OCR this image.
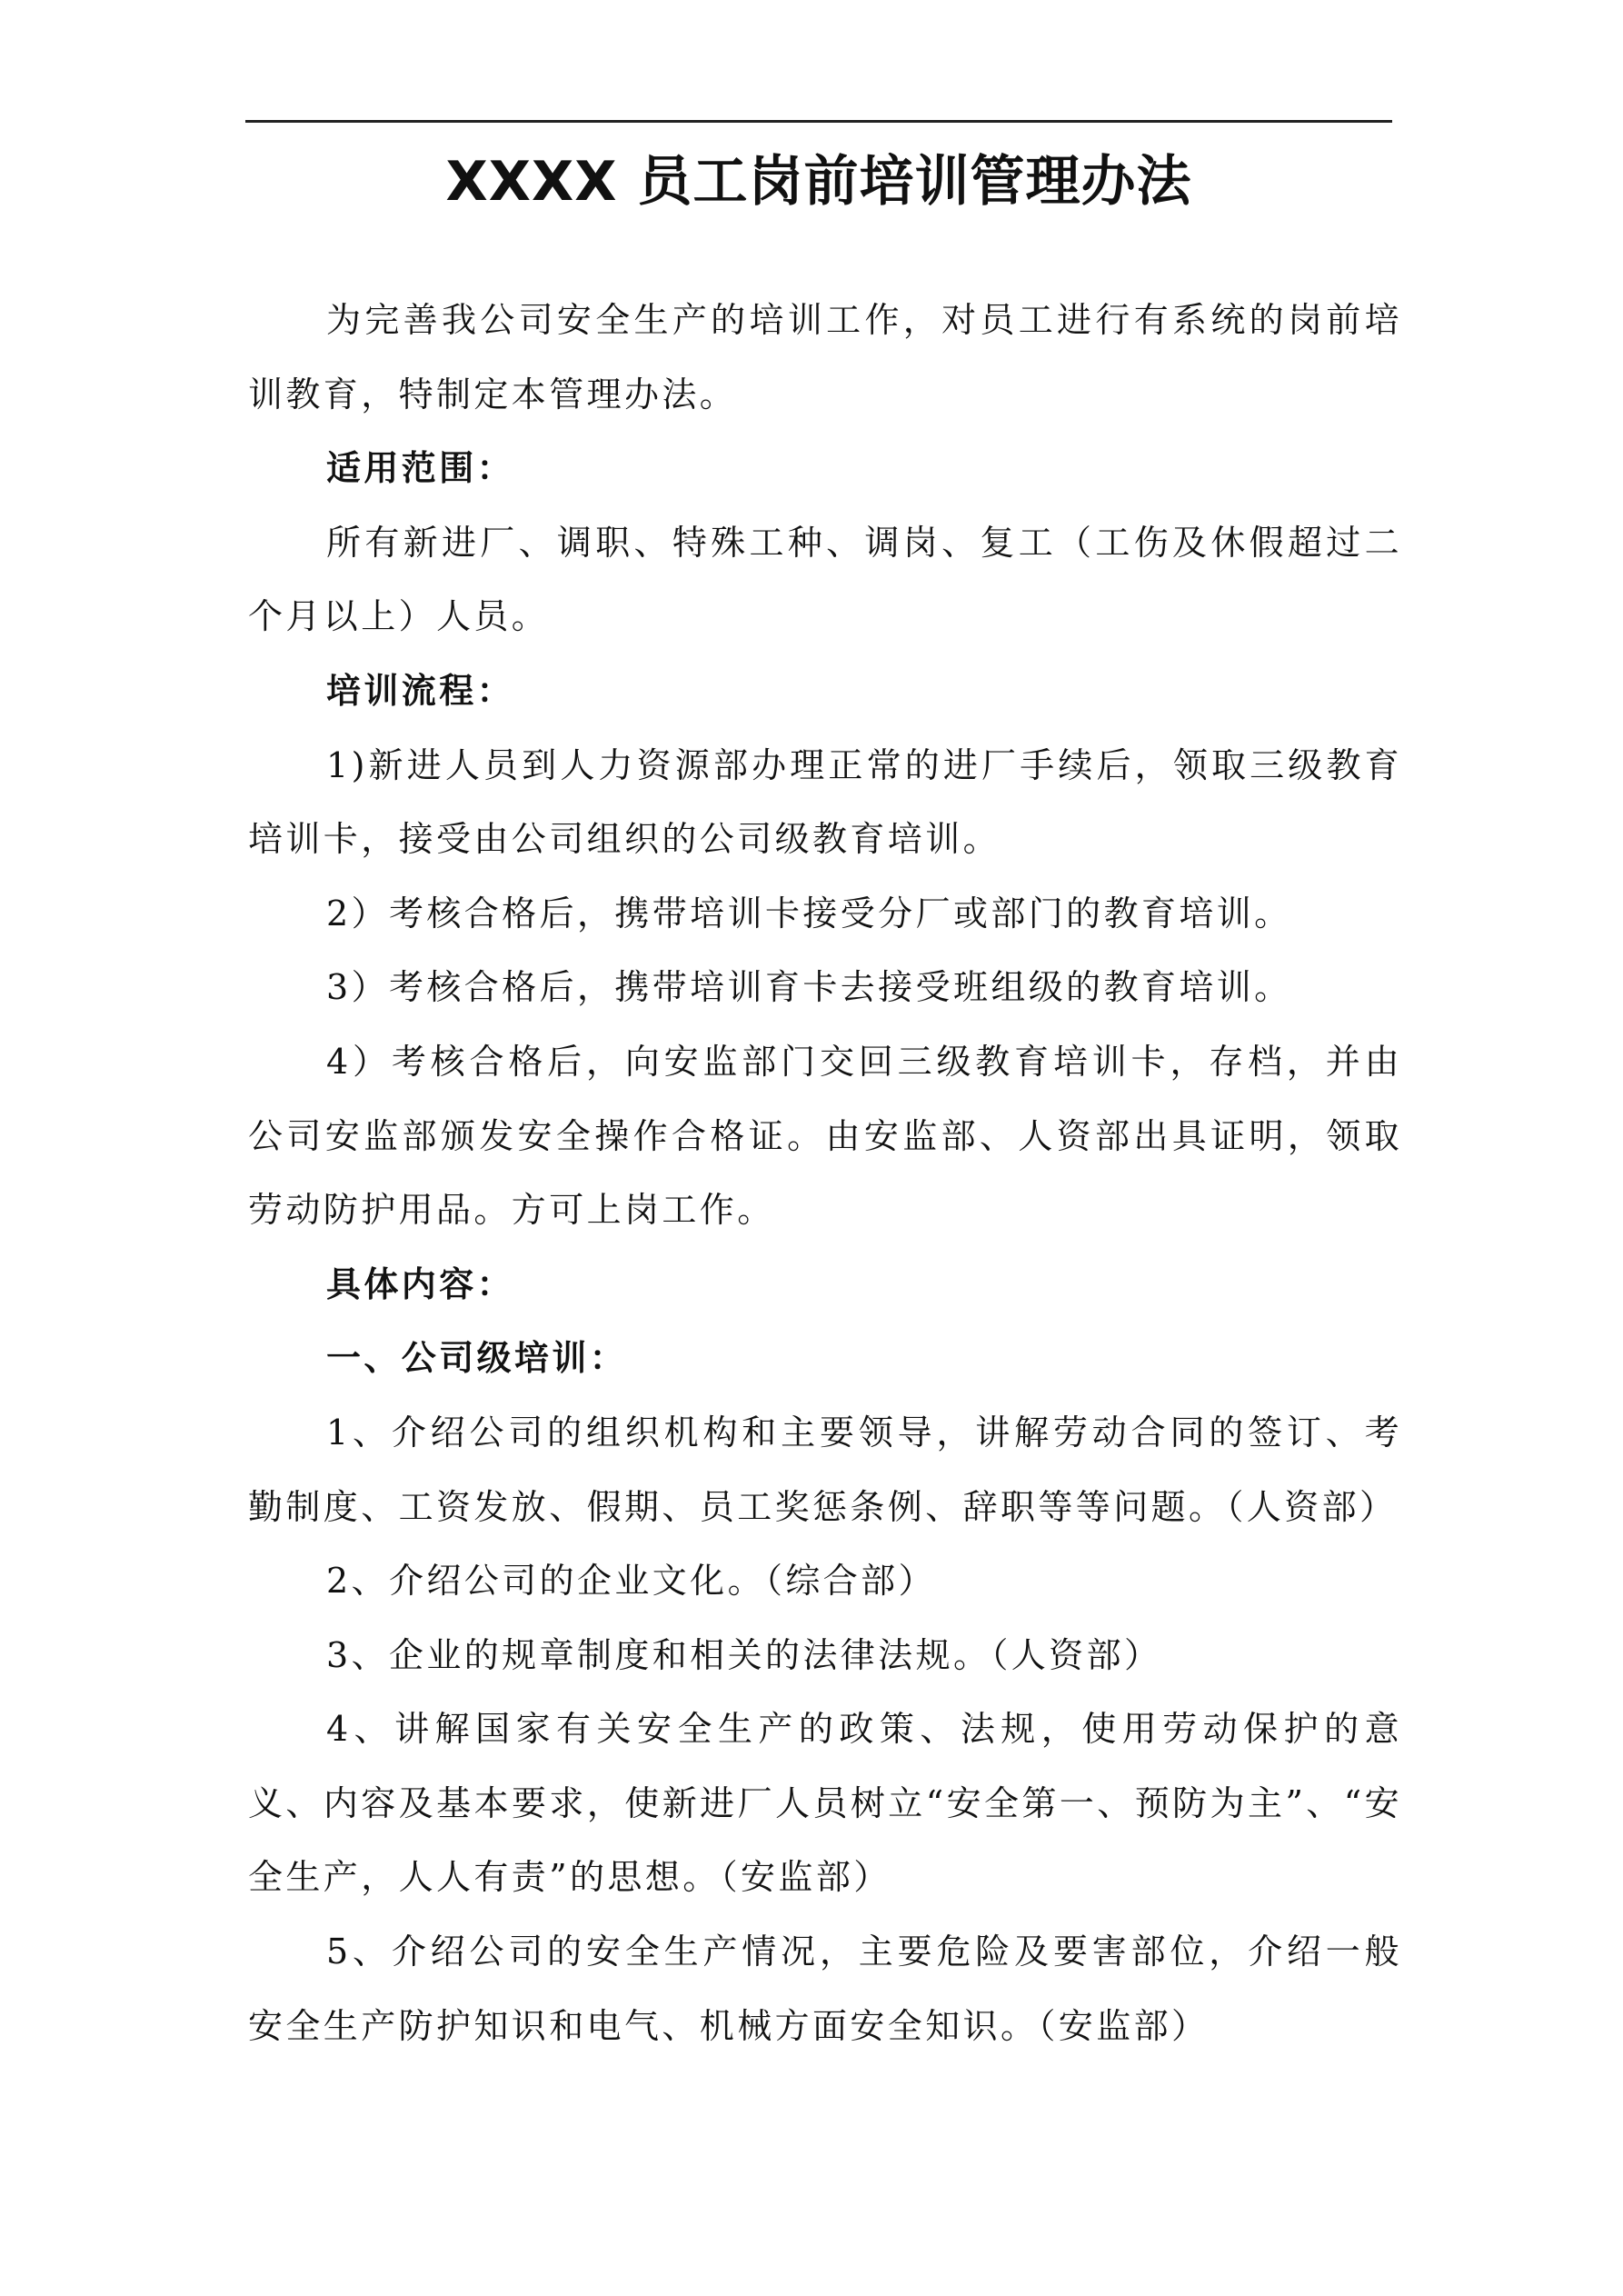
XXXX 员工岗前培训管理办法

为完善我公司安全生产的培训工作，对员工进行有系统的岗前培训教育，特制定本管理办法。

适用范围：

所有新进厂、调职、特殊工种、调岗、复工（工伤及休假超过二个月以上）人员。

培训流程：

1)新进人员到人力资源部办理正常的进厂手续后，领取三级教育培训卡，接受由公司组织的公司级教育培训。

2）考核合格后，携带培训卡接受分厂或部门的教育培训。

3）考核合格后，携带培训育卡去接受班组级的教育培训。

4）考核合格后，向安监部门交回三级教育培训卡，存档，并由公司安监部颁发安全操作合格证。由安监部、人资部出具证明，领取劳动防护用品。方可上岗工作。

具体内容：

一、公司级培训：

1、介绍公司的组织机构和主要领导，讲解劳动合同的签订、考勤制度、工资发放、假期、员工奖惩条例、辞职等等问题。（人资部）

2、介绍公司的企业文化。（综合部）

3、企业的规章制度和相关的法律法规。（人资部）

4、讲解国家有关安全生产的政策、法规，使用劳动保护的意义、内容及基本要求，使新进厂人员树立“安全第一、预防为主”、“安全生产，人人有责”的思想。（安监部）

5、介绍公司的安全生产情况，主要危险及要害部位，介绍一般安全生产防护知识和电气、机械方面安全知识。（安监部）
